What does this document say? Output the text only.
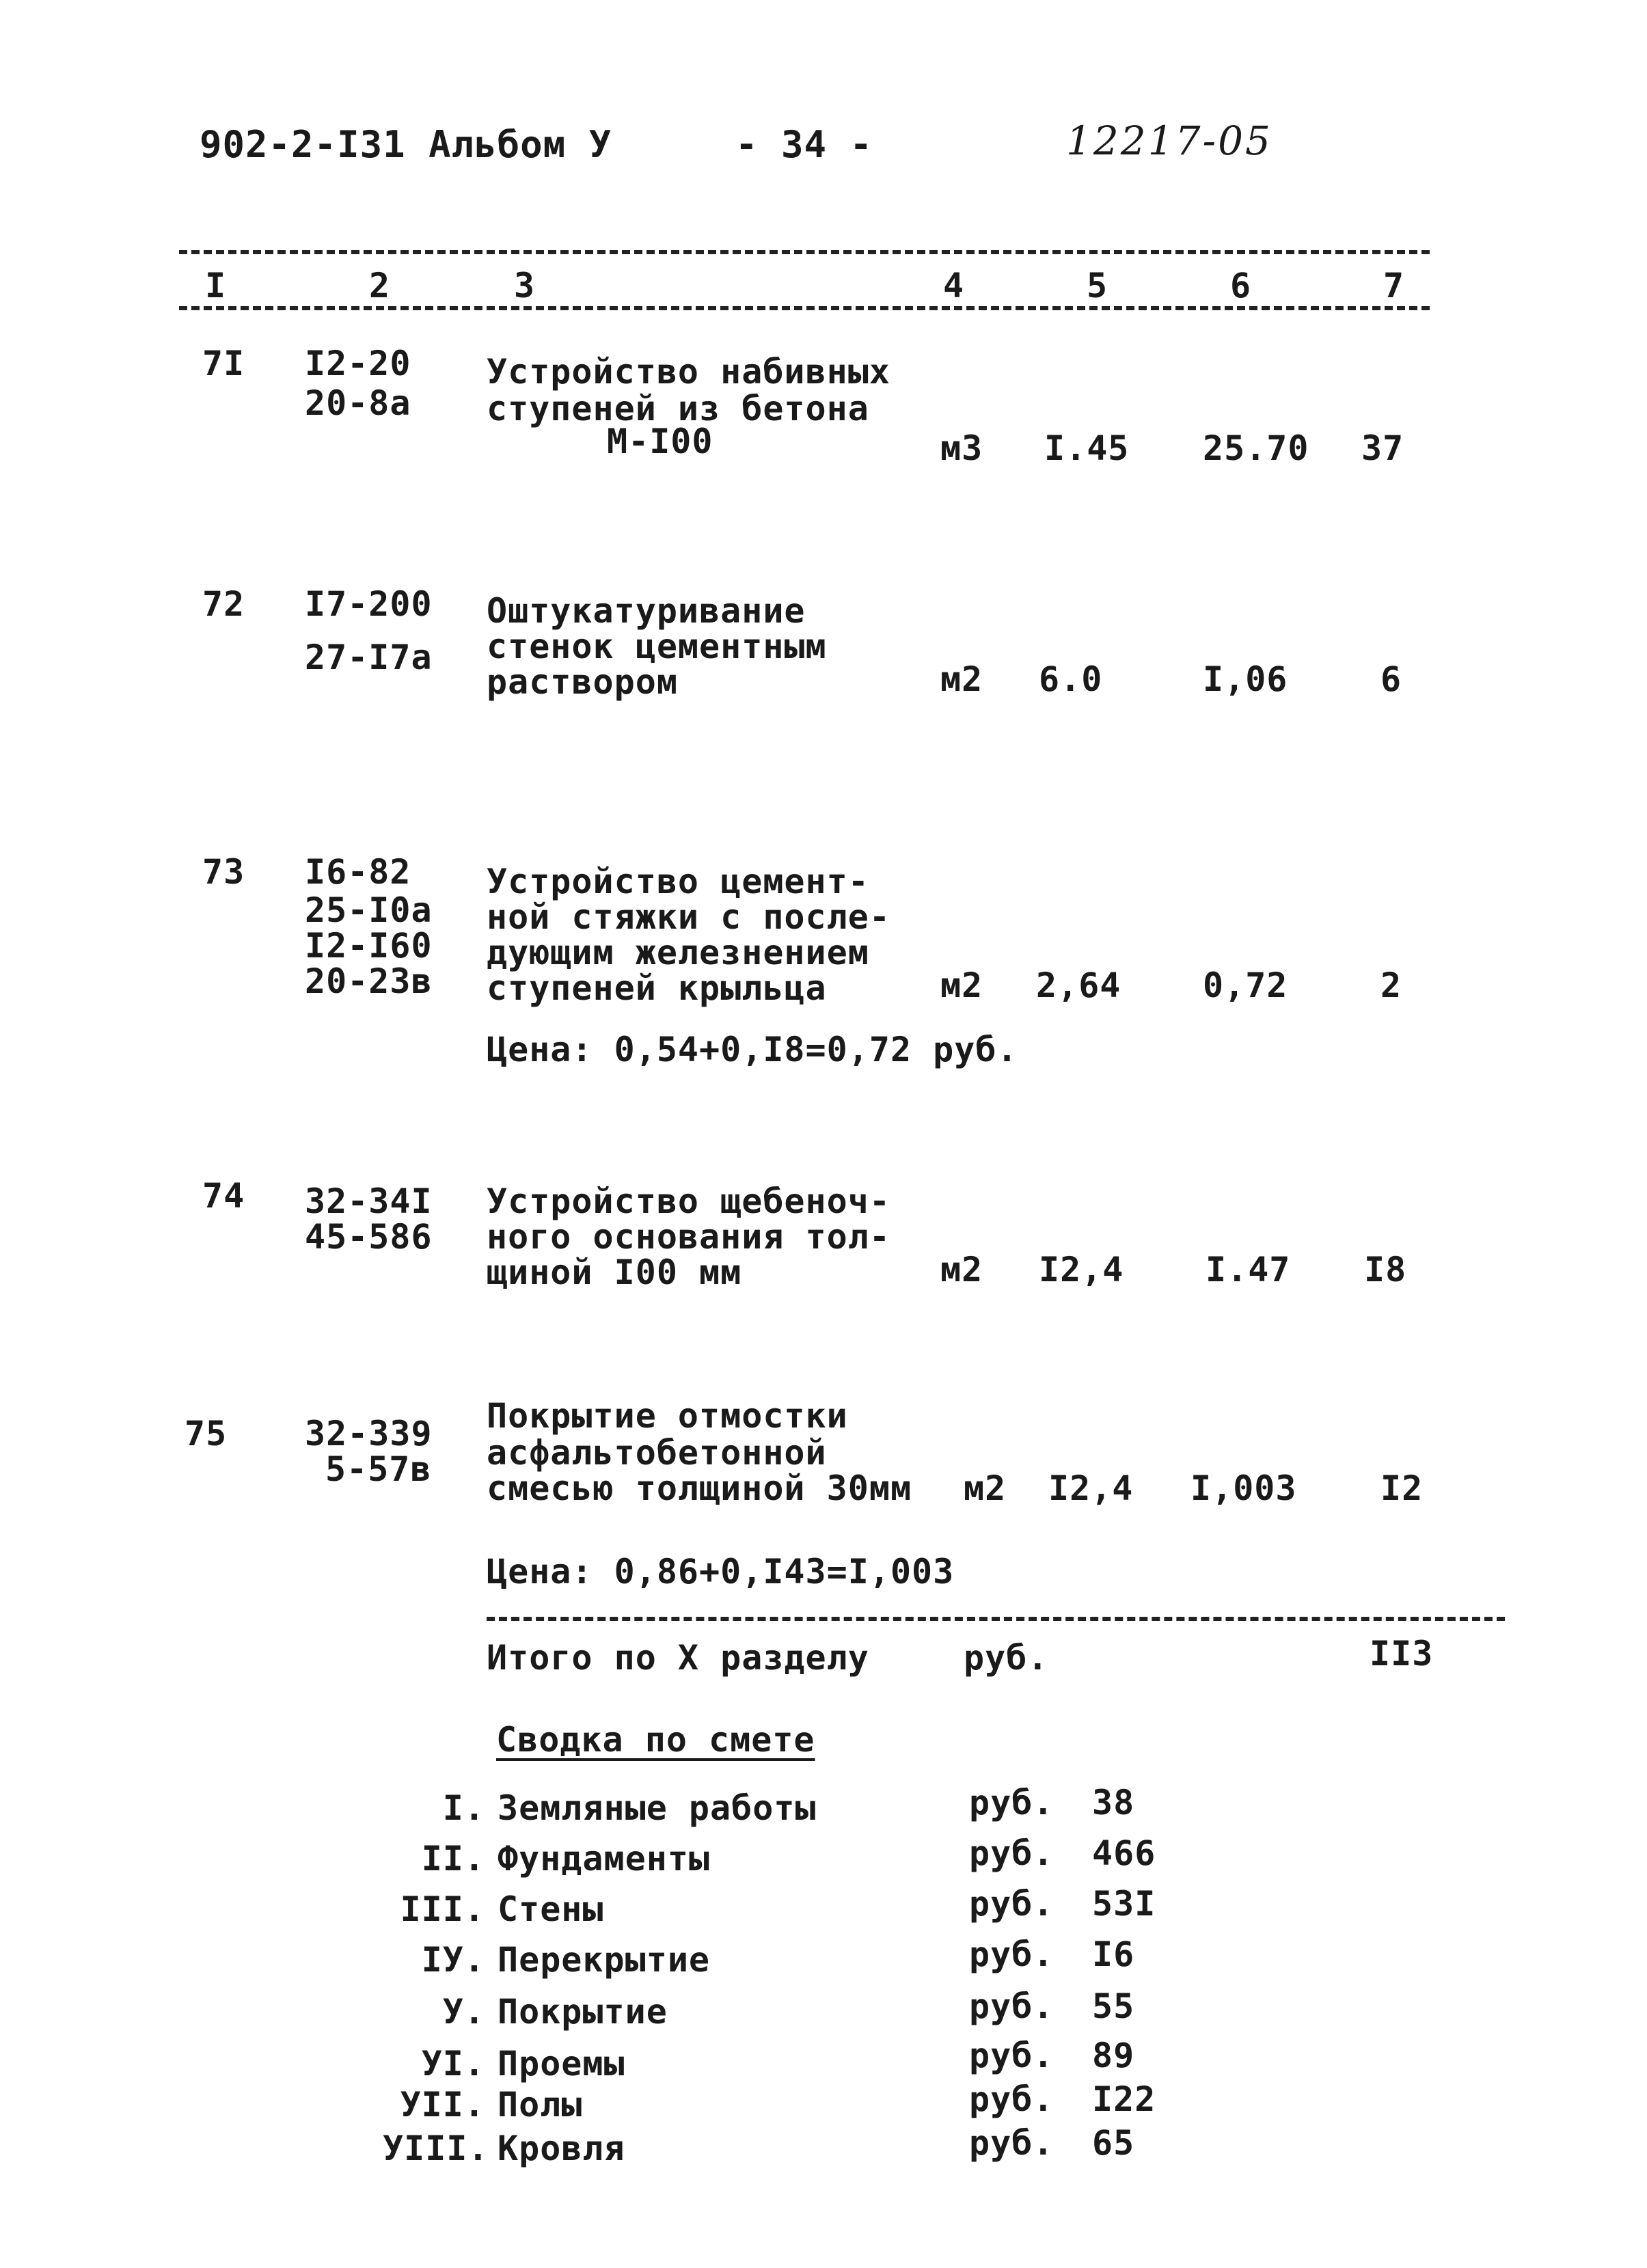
902-2-I31 Альбом У	- 34 -	12217-05
I	2	3	4	5	6	7
7I I2-20
20-8a
Устройство набивных
ступеней из бетона
М-I00	м3 I.45 25.70 37
72 I7-200
27-I7a
Оштукатуривание
стенок цементным
раствором	м2 6.0	I,06	6
73 I6-82
25-I0a
I2-I60
20-23в
Устройство цемент-
ной стяжки с после-
дующим железнением
ступеней крыльца	м2 2,64 0,72	2
Цена: 0,54+0,I8=0,72 руб.
74 32-34I
45-586
Устройство щебеноч-
ного основания тол-
щиной I00 мм	м2 I2,4 I.47 I8
75 32-339
5-57в
Покрытие отмостки
асфальтобетонной
смесью толщиной 30мм м2 I2,4 I,003 I2
Цена: 0,86+0,I43=I,003
Итого по Х разделу	руб.	II3
Сводка по смете
I. Земляные работы	руб. 38
II. Фундаменты	руб. 466
III. Стены	руб. 53I
IУ. Перекрытие	руб. I6
У. Покрытие	руб. 55
УI. Проемы	руб. 89
УII. Полы	руб. I22
УIII. Кровля	руб. 65
